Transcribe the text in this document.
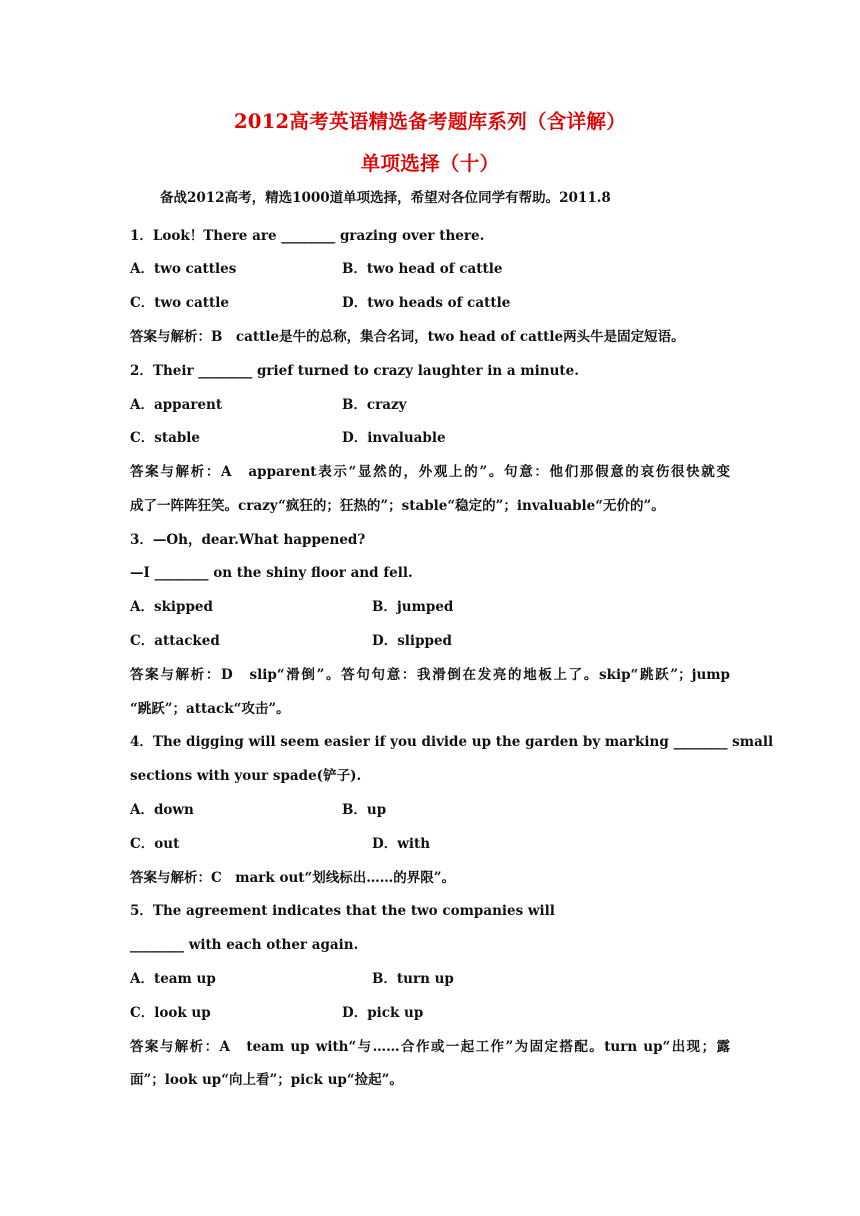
2012高考英语精选备考题库系列（含详解）
单项选择（十）
备战2012高考，精选1000道单项选择，希望对各位同学有帮助。2011.8
1．Look！There are ________ grazing over there.
A．two cattles	B．two head of cattle
C．two cattle	D．two heads of cattle
答案与解析：B　cattle是牛的总称，集合名词，two head of cattle两头牛是固定短语。
2．Their ________ grief turned to crazy laughter in a minute.
A．apparent	B．crazy
C．stable	D．invaluable
答案与解析：A　apparent表示“显然的，外观上的”。句意：他们那假意的哀伤很快就变
成了一阵阵狂笑。crazy“疯狂的；狂热的”；stable“稳定的”；invaluable“无价的”。
3．—Oh，dear.What happened?
—I ________ on the shiny floor and fell.
A．skipped	B．jumped
C．attacked	D．slipped
答案与解析：D　slip“滑倒”。答句句意：我滑倒在发亮的地板上了。skip“跳跃”；jump
“跳跃”；attack“攻击”。
4．The digging will seem easier if you divide up the garden by marking ________ small
sections with your spade(铲子).
A．down	B．up
C．out	D．with
答案与解析：C　mark out“划线标出……的界限”。
5．The agreement indicates that the two companies will
________ with each other again.
A．team up	B．turn up
C．look up	D．pick up
答案与解析：A　team up with“与……合作或一起工作”为固定搭配。turn up“出现；露
面”；look up“向上看”；pick up“捡起”。
